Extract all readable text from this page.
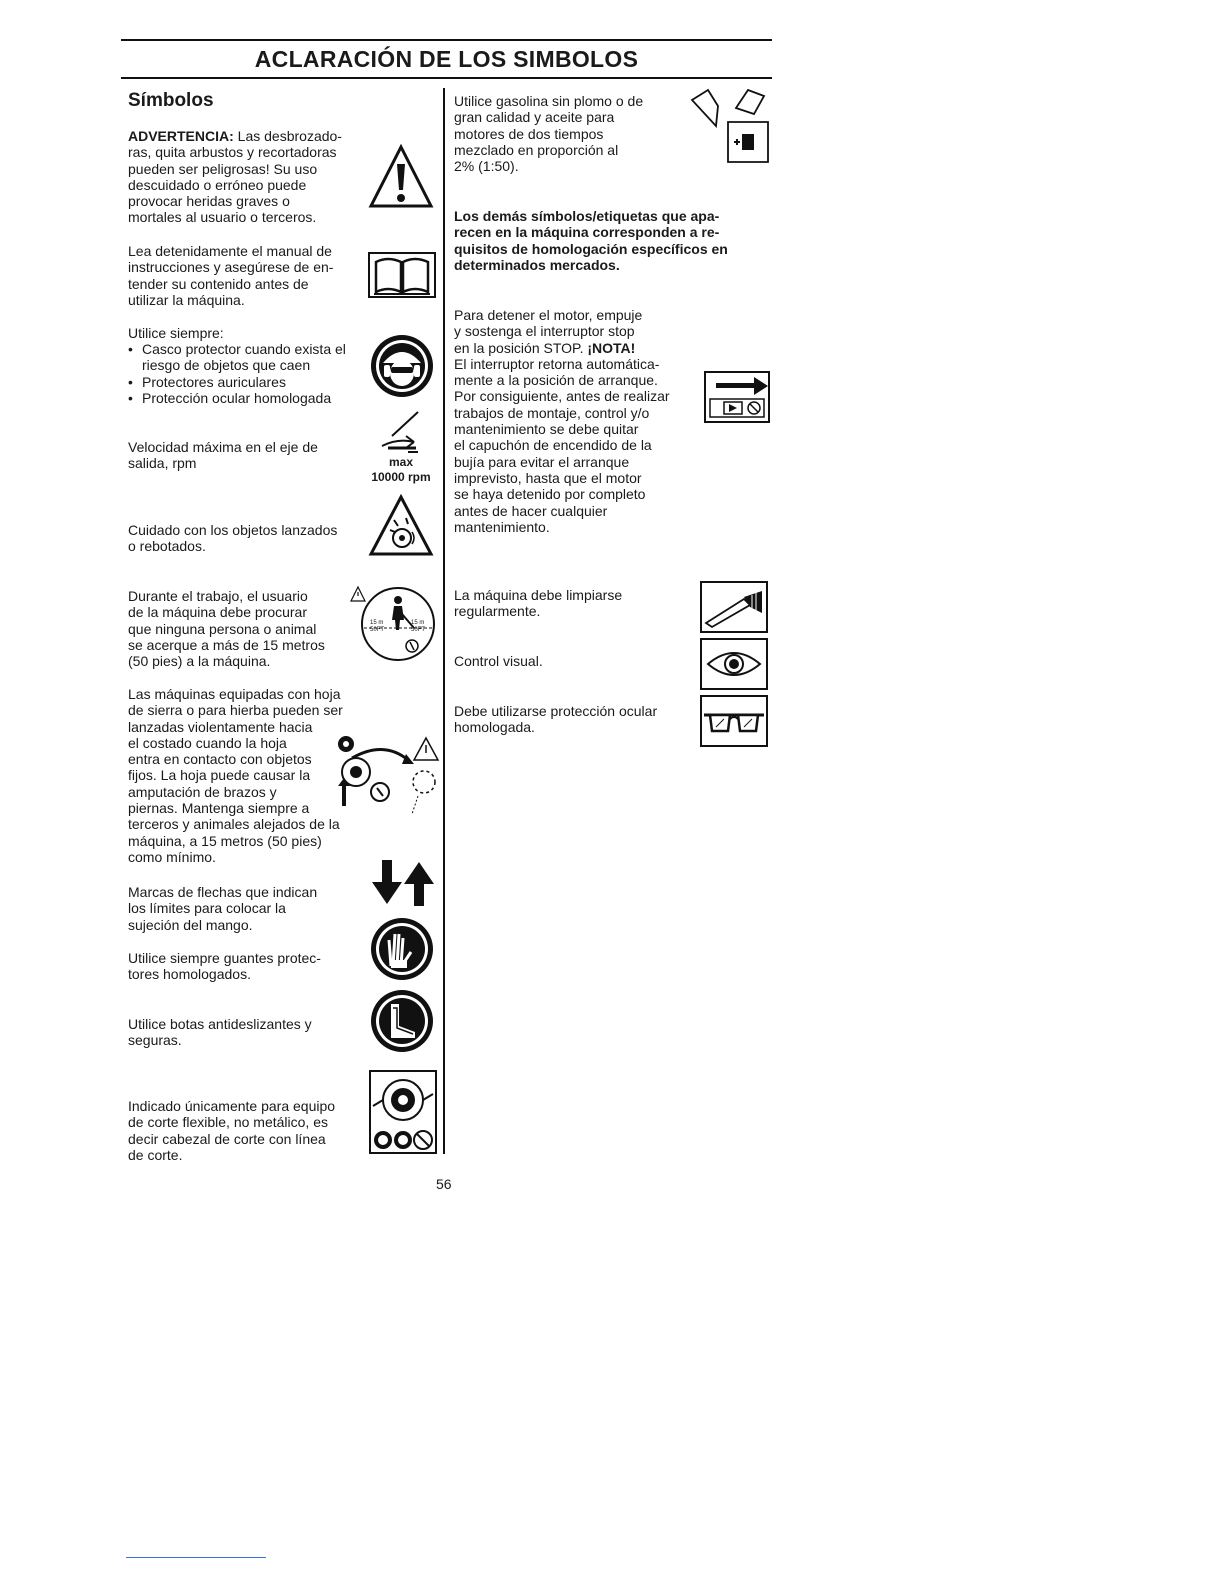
ACLARACIÓN DE LOS SIMBOLOS
Símbolos
ADVERTENCIA: Las desbrozado-
ras, quita arbustos y recortadoras
pueden ser peligrosas! Su uso
descuidado o erróneo puede
provocar heridas graves o
mortales al usuario o terceros.
Lea detenidamente el manual de
instrucciones y asegúrese de en-
tender su contenido antes de
utilizar la máquina.
Utilice siempre:
• Casco protector cuando exista el riesgo de objetos que caen
• Protectores auriculares
• Protección ocular homologada
Velocidad máxima en el eje de
salida, rpm	max
10000 rpm
Cuidado con los objetos lanzados
o rebotados.
Durante el trabajo, el usuario
de la máquina debe procurar
que ninguna persona o animal
se acerque a más de 15 metros
(50 pies) a la máquina.
15 m
50FT
15 m
50FT
Las máquinas equipadas con hoja
de sierra o para hierba pueden ser
lanzadas violentamente hacia
el costado cuando la hoja
entra en contacto con objetos
fijos. La hoja puede causar la
amputación de brazos y
piernas. Mantenga siempre a
terceros y animales alejados de la
máquina, a 15 metros (50 pies)
como mínimo.
Marcas de flechas que indican
los límites para colocar la
sujeción del mango.
Utilice siempre guantes protec-
tores homologados.
Utilice botas antideslizantes y
seguras.
Indicado únicamente para equipo
de corte flexible, no metálico, es
decir cabezal de corte con línea
de corte.
Utilice gasolina sin plomo o de
gran calidad y aceite para
motores de dos tiempos
mezclado en proporción al
2% (1:50).
Los demás símbolos/etiquetas que apa-
recen en la máquina corresponden a re-
quisitos de homologación específicos en
determinados mercados.
Para detener el motor, empuje
y sostenga el interruptor stop
en la posición STOP. ¡NOTA!
El interruptor retorna automática-
mente a la posición de arranque.
Por consiguiente, antes de realizar
trabajos de montaje, control y/o
mantenimiento se debe quitar
el capuchón de encendido de la
bujía para evitar el arranque
imprevisto, hasta que el motor
se haya detenido por completo
antes de hacer cualquier
mantenimiento.
La máquina debe limpiarse
regularmente.
Control visual.
Debe utilizarse protección ocular
homologada.
56
